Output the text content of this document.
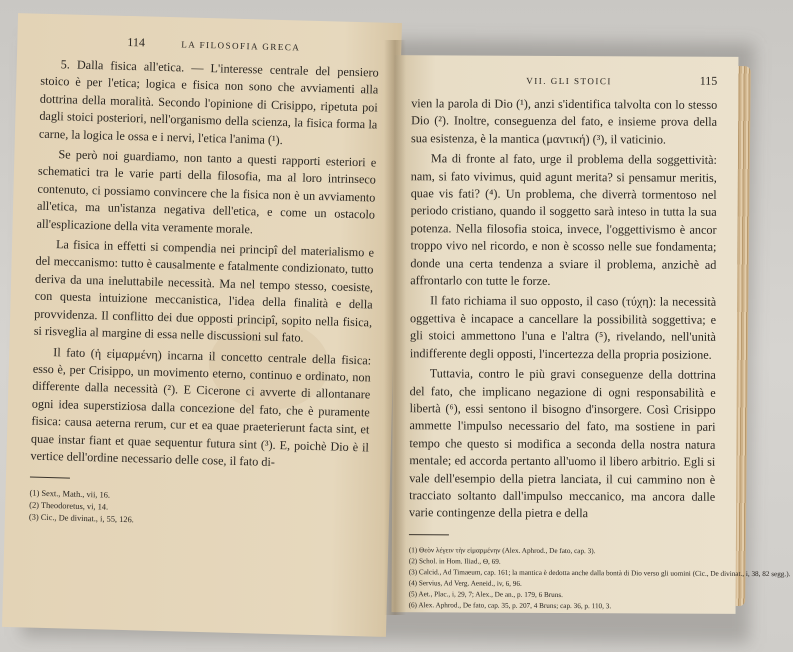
114	LA FILOSOFIA GRECA

5. Dalla fisica all'etica. — L'interesse centrale del pensiero stoico è per l'etica; logica e fisica non sono che avviamenti alla dottrina della moralità. Secondo l'opinione di Crisippo, ripetuta poi dagli stoici posteriori, nell'organismo della scienza, la fisica forma la carne, la logica le ossa e i nervi, l'etica l'anima (¹).

Se però noi guardiamo, non tanto a questi rapporti esteriori e schematici tra le varie parti della filosofia, ma al loro intrinseco contenuto, ci possiamo convincere che la fisica non è un avviamento all'etica, ma un'istanza negativa dell'etica, e come un ostacolo all'esplicazione della vita veramente morale.

La fisica in effetti si compendia nei principî del materialismo e del meccanismo: tutto è causalmente e fatalmente condizionato, tutto deriva da una ineluttabile necessità. Ma nel tempo stesso, coesiste, con questa intuizione meccanistica, l'idea della finalità e della provvidenza. Il conflitto dei due opposti principî, sopito nella fisica, si risveglia al margine di essa nelle discussioni sul fato.

Il fato (ἡ εἱμαρμένη) incarna il concetto centrale della fisica: esso è, per Crisippo, un movimento eterno, continuo e ordinato, non differente dalla necessità (²). E Cicerone ci avverte di allontanare ogni idea superstiziosa dalla concezione del fato, che è puramente fisica: causa aeterna rerum, cur et ea quae praeterierunt facta sint, et quae instar fiant et quae sequentur futura sint (³). E, poichè Dio è il vertice dell'ordine necessario delle cose, il fato di-

(1) Sext., Math., vii, 16.
(2) Theodoretus, vi, 14.
(3) Cic., De divinat., i, 55, 126.
VII. GLI STOICI	115

vien la parola di Dio (¹), anzi s'identifica talvolta con lo stesso Dio (²). Inoltre, conseguenza del fato, e insieme prova della sua esistenza, è la mantica (μαντική) (³), il vaticinio.

Ma di fronte al fato, urge il problema della soggettività: nam, si fato vivimus, quid agunt merita? si pensamur meritis, quae vis fati? (⁴). Un problema, che diverrà tormentoso nel periodo cristiano, quando il soggetto sarà inteso in tutta la sua potenza. Nella filosofia stoica, invece, l'oggettivismo è ancor troppo vivo nel ricordo, e non è scosso nelle sue fondamenta; donde una certa tendenza a sviare il problema, anzichè ad affrontarlo con tutte le forze.

Il fato richiama il suo opposto, il caso (τύχη): la necessità oggettiva è incapace a cancellare la possibilità soggettiva; e gli stoici ammettono l'una e l'altra (⁵), rivelando, nell'unità indifferente degli opposti, l'incertezza della propria posizione.

Tuttavia, contro le più gravi conseguenze della dottrina del fato, che implicano negazione di ogni responsabilità e libertà (⁶), essi sentono il bisogno d'insorgere. Così Crisippo ammette l'impulso necessario del fato, ma sostiene in pari tempo che questo si modifica a seconda della nostra natura mentale; ed accorda pertanto all'uomo il libero arbitrio. Egli si vale dell'esempio della pietra lanciata, il cui cammino non è tracciato soltanto dall'impulso meccanico, ma ancora dalle varie contingenze della pietra e della

(1) Θεὸν λέγειν τὴν εἱμαρμένην (Alex. Aphrod., De fato, cap. 3).
(2) Schol. in Hom. Iliad., Θ, 69.
(3) Calcid., Ad Timaeum, cap. 161; la mantica è dedotta anche dalla bontà di Dio verso gli uomini (Cic., De divinat., i, 38, 82 segg.).
(4) Servius, Ad Verg. Aeneid., iv, 6, 96.
(5) Aet., Plac., i, 29, 7; Alex., De an., p. 179, 6 Bruns.
(6) Alex. Aphrod., De fato, cap. 35, p. 207, 4 Bruns; cap. 36, p. 110, 3.
